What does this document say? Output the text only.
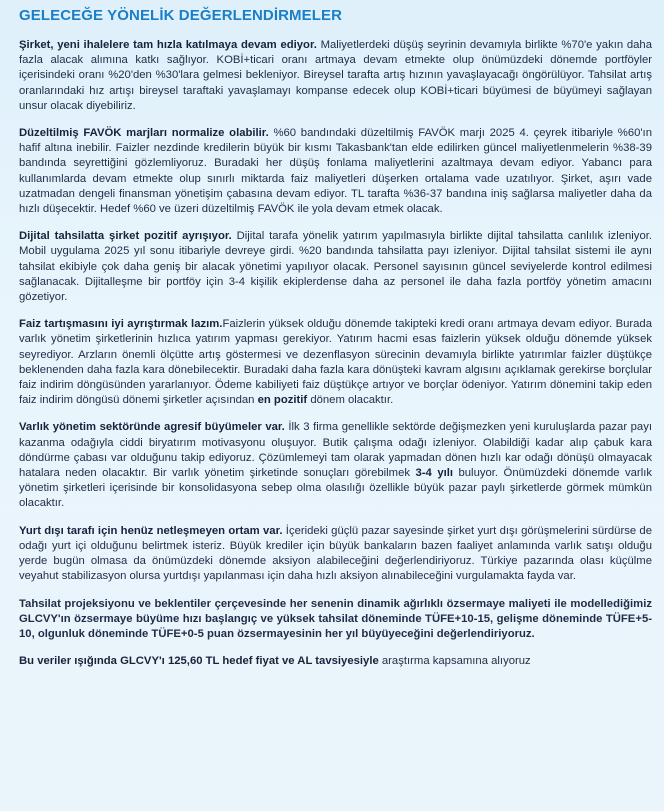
GELECEĞE YÖNELİK DEĞERLENDİRMELER

Şirket, yeni ihalelere tam hızla katılmaya devam ediyor. Maliyetlerdeki düşüş seyrinin devamıyla birlikte %70'e yakın daha fazla alacak alımına katkı sağlıyor. KOBİ+ticari oranı artmaya devam etmekte olup önümüzdeki dönemde portföyler içerisindeki oranı %20'den %30'lara gelmesi bekleniyor. Bireysel tarafta artış hızının yavaşlayacağı öngörülüyor. Tahsilat artış oranlarındaki hız artışı bireysel taraftaki yavaşlamayı kompanse edecek olup KOBİ+ticari büyümesi de büyümeyi sağlayan unsur olacak diyebiliriz.

Düzeltilmiş FAVÖK marjları normalize olabilir. %60 bandındaki düzeltilmiş FAVÖK marjı 2025 4. çeyrek itibariyle %60'ın hafif altına inebilir. Faizler nezdinde kredilerin büyük bir kısmı Takasbank'tan elde edilirken güncel maliyetlenmelerin %38-39 bandında seyrettiğini gözlemliyoruz. Buradaki her düşüş fonlama maliyetlerini azaltmaya devam ediyor. Yabancı para kullanımlarda devam etmekte olup sınırlı miktarda faiz maliyetleri düşerken ortalama vade uzatılıyor. Şirket, aşırı vade uzatmadan dengeli finansman yönetişim çabasına devam ediyor. TL tarafta %36-37 bandına iniş sağlarsa maliyetler daha da hızlı düşecektir. Hedef %60 ve üzeri düzeltilmiş FAVÖK ile yola devam etmek olacak.

Dijital tahsilatta şirket pozitif ayrışıyor. Dijital tarafa yönelik yatırım yapılmasıyla birlikte dijital tahsilatta canlılık izleniyor. Mobil uygulama 2025 yıl sonu itibariyle devreye girdi. %20 bandında tahsilatta payı izleniyor. Dijital tahsilat sistemi ile aynı tahsilat ekibiyle çok daha geniş bir alacak yönetimi yapılıyor olacak. Personel sayısının güncel seviyelerde kontrol edilmesi sağlanacak. Dijitalleşme bir portföy için 3-4 kişilik ekiplerdense daha az personel ile daha fazla portföy yönetim amacını gözetiyor.

Faiz tartışmasını iyi ayrıştırmak lazım.Faizlerin yüksek olduğu dönemde takipteki kredi oranı artmaya devam ediyor. Burada varlık yönetim şirketlerinin hızlıca yatırım yapması gerekiyor. Yatırım hacmi esas faizlerin yüksek olduğu dönemde yüksek seyrediyor. Arzların önemli ölçütte artış göstermesi ve dezenflasyon sürecinin devamıyla birlikte yatırımlar faizler düştükçe beklenenden daha fazla kara dönebilecektir. Buradaki daha fazla kara dönüşteki kavram algısını açıklamak gerekirse borçlular faiz indirim döngüsünden yararlanıyor. Ödeme kabiliyeti faiz düştükçe artıyor ve borçlar ödeniyor. Yatırım dönemini takip eden faiz indirim döngüsü dönemi şirketler açısından en pozitif dönem olacaktır.

Varlık yönetim sektöründe agresif büyümeler var. İlk 3 firma genellikle sektörde değişmezken yeni kuruluşlarda pazar payı kazanma odağıyla ciddi biryatırım motivasyonu oluşuyor. Butik çalışma odağı izleniyor. Olabildiği kadar alıp çabuk kara döndürme çabası var olduğunu takip ediyoruz. Çözümlemeyi tam olarak yapmadan dönen hızlı kar odağı dönüşü olmayacak hatalara neden olacaktır. Bir varlık yönetim şirketinde sonuçları görebilmek 3-4 yılı buluyor. Önümüzdeki dönemde varlık yönetim şirketleri içerisinde bir konsolidasyona sebep olma olasılığı özellikle büyük pazar paylı şirketlerde görmek mümkün olacaktır.

Yurt dışı tarafı için henüz netleşmeyen ortam var. İçerideki güçlü pazar sayesinde şirket yurt dışı görüşmelerini sürdürse de odağı yurt içi olduğunu belirtmek isteriz. Büyük krediler için büyük bankaların bazen faaliyet anlamında varlık satışı olduğu yerde bugün olmasa da önümüzdeki dönemde aksiyon alabileceğini değerlendiriyoruz. Türkiye pazarında olası küçülme veyahut stabilizasyon olursa yurtdışı yapılanması için daha hızlı aksiyon alınabileceğini vurgulamakta fayda var.

Tahsilat projeksiyonu ve beklentiler çerçevesinde her senenin dinamik ağırlıklı özsermaye maliyeti ile modellediğimiz GLCVY'ın özsermaye büyüme hızı başlangıç ve yüksek tahsilat döneminde TÜFE+10-15, gelişme döneminde TÜFE+5-10, olgunluk döneminde TÜFE+0-5 puan özsermayesinin her yıl büyüyeceğini değerlendiriyoruz.

Bu veriler ışığında GLCVY'ı 125,60 TL hedef fiyat ve AL tavsiyesiyle araştırma kapsamına alıyoruz
